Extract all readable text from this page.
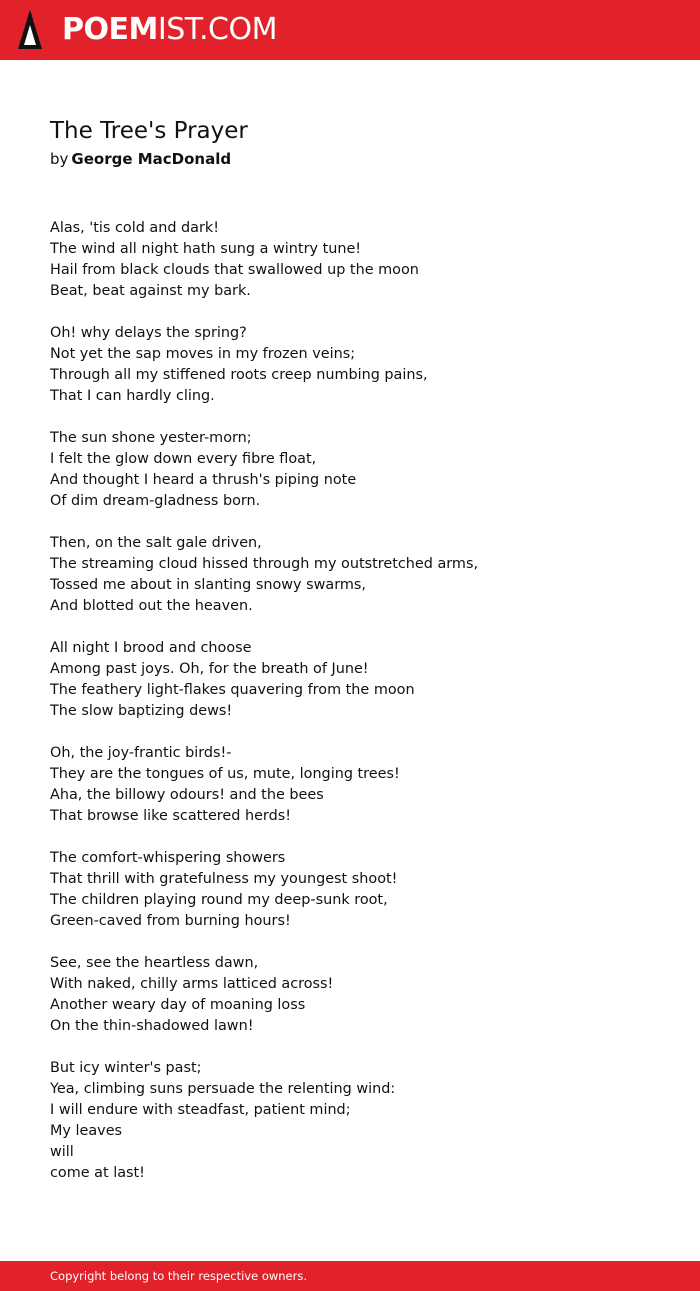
POEMIST.COM
The Tree's Prayer
by George MacDonald
Alas, 'tis cold and dark!
The wind all night hath sung a wintry tune!
Hail from black clouds that swallowed up the moon
Beat, beat against my bark.
Oh! why delays the spring?
Not yet the sap moves in my frozen veins;
Through all my stiffened roots creep numbing pains,
That I can hardly cling.
The sun shone yester-morn;
I felt the glow down every fibre float,
And thought I heard a thrush's piping note
Of dim dream-gladness born.
Then, on the salt gale driven,
The streaming cloud hissed through my outstretched arms,
Tossed me about in slanting snowy swarms,
And blotted out the heaven.
All night I brood and choose
Among past joys. Oh, for the breath of June!
The feathery light-flakes quavering from the moon
The slow baptizing dews!
Oh, the joy-frantic birds!-
They are the tongues of us, mute, longing trees!
Aha, the billowy odours! and the bees
That browse like scattered herds!
The comfort-whispering showers
That thrill with gratefulness my youngest shoot!
The children playing round my deep-sunk root,
Green-caved from burning hours!
See, see the heartless dawn,
With naked, chilly arms latticed across!
Another weary day of moaning loss
On the thin-shadowed lawn!
But icy winter's past;
Yea, climbing suns persuade the relenting wind:
I will endure with steadfast, patient mind;
My leaves
will
come at last!
Copyright belong to their respective owners.
